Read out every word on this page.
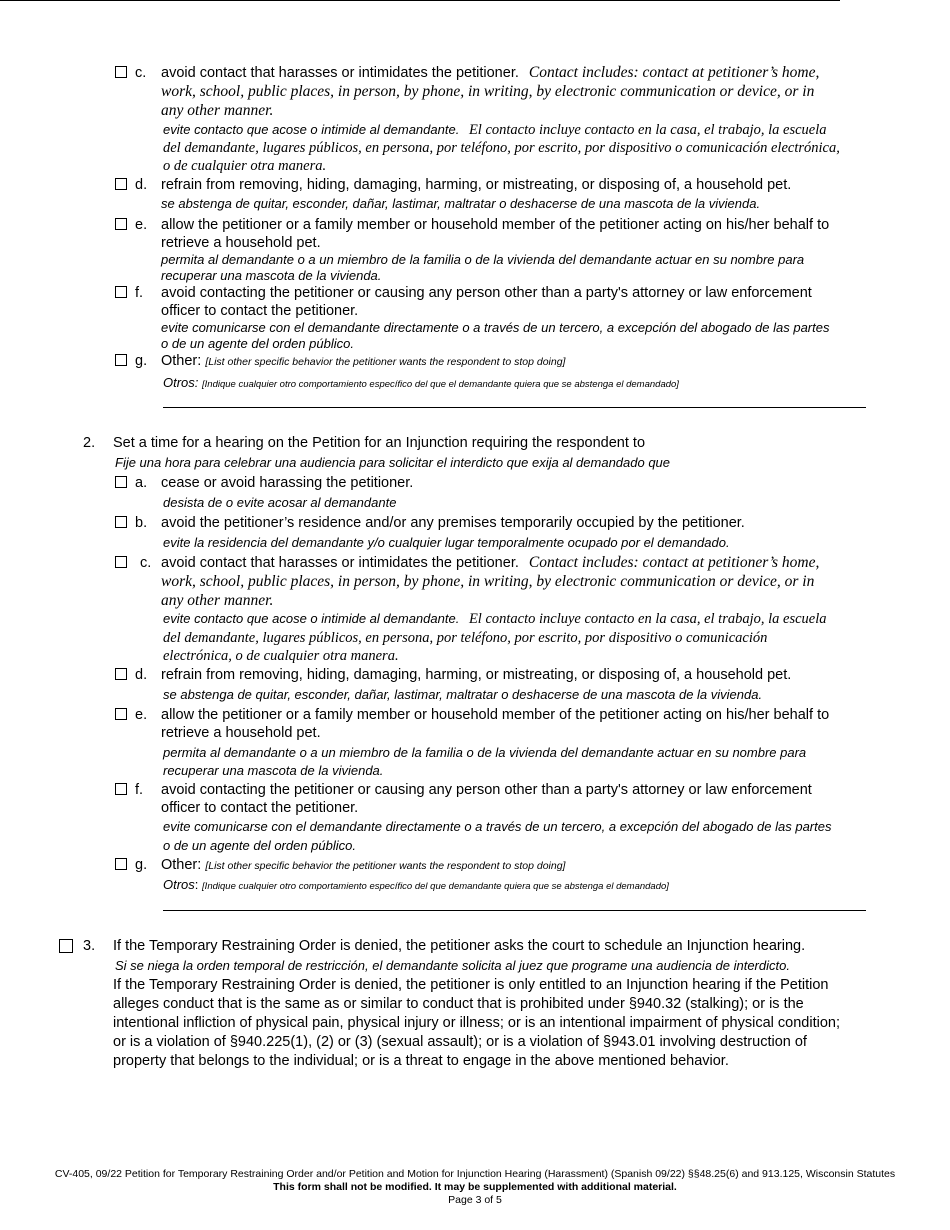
c. avoid contact that harasses or intimidates the petitioner. Contact includes: contact at petitioner’s home,
work, school, public places, in person, by phone, in writing, by electronic communication or device, or in
any other manner.
evite contacto que acose o intimide al demandante. El contacto incluye contacto en la casa, el trabajo, la escuela
del demandante, lugares públicos, en persona, por teléfono, por escrito, por dispositivo o comunicación electrónica,
o de cualquier otra manera.
d. refrain from removing, hiding, damaging, harming, or mistreating, or disposing of, a household pet.
se abstenga de quitar, esconder, dañar, lastimar, maltratar o deshacerse de una mascota de la vivienda.
e. allow the petitioner or a family member or household member of the petitioner acting on his/her behalf to
retrieve a household pet.
permita al demandante o a un miembro de la familia o de la vivienda del demandante actuar en su nombre para
recuperar una mascota de la vivienda.
f. avoid contacting the petitioner or causing any person other than a party's attorney or law enforcement
officer to contact the petitioner.
evite comunicarse con el demandante directamente o a través de un tercero, a excepción del abogado de las partes
o de un agente del orden público.
g. Other: [List other specific behavior the petitioner wants the respondent to stop doing]
Otros: [Indique cualquier otro comportamiento específico del que el demandante quiera que se abstenga el demandado]
2. Set a time for a hearing on the Petition for an Injunction requiring the respondent to
Fije una hora para celebrar una audiencia para solicitar el interdicto que exija al demandado que
a. cease or avoid harassing the petitioner.
desista de o evite acosar al demandante
b. avoid the petitioner’s residence and/or any premises temporarily occupied by the petitioner.
evite la residencia del demandante y/o cualquier lugar temporalmente ocupado por el demandado.
c. avoid contact that harasses or intimidates the petitioner. Contact includes: contact at petitioner’s home,
work, school, public places, in person, by phone, in writing, by electronic communication or device, or in
any other manner.
evite contacto que acose o intimide al demandante. El contacto incluye contacto en la casa, el trabajo, la escuela
del demandante, lugares públicos, en persona, por teléfono, por escrito, por dispositivo o comunicación
electrónica, o de cualquier otra manera.
d. refrain from removing, hiding, damaging, harming, or mistreating, or disposing of, a household pet.
se abstenga de quitar, esconder, dañar, lastimar, maltratar o deshacerse de una mascota de la vivienda.
e. allow the petitioner or a family member or household member of the petitioner acting on his/her behalf to
retrieve a household pet.
permita al demandante o a un miembro de la familia o de la vivienda del demandante actuar en su nombre para
recuperar una mascota de la vivienda.
f. avoid contacting the petitioner or causing any person other than a party's attorney or law enforcement
officer to contact the petitioner.
evite comunicarse con el demandante directamente o a través de un tercero, a excepción del abogado de las partes
o de un agente del orden público.
g. Other: [List other specific behavior the petitioner wants the respondent to stop doing]
Otros: [Indique cualquier otro comportamiento específico del que demandante quiera que se abstenga el demandado]
3. If the Temporary Restraining Order is denied, the petitioner asks the court to schedule an Injunction hearing.
Si se niega la orden temporal de restricción, el demandante solicita al juez que programe una audiencia de interdicto.
If the Temporary Restraining Order is denied, the petitioner is only entitled to an Injunction hearing if the Petition
alleges conduct that is the same as or similar to conduct that is prohibited under §940.32 (stalking); or is the
intentional infliction of physical pain, physical injury or illness; or is an intentional impairment of physical condition;
or is a violation of §940.225(1), (2) or (3) (sexual assault); or is a violation of §943.01 involving destruction of
property that belongs to the individual; or is a threat to engage in the above mentioned behavior.
CV-405, 09/22 Petition for Temporary Restraining Order and/or Petition and Motion for Injunction Hearing (Harassment) (Spanish 09/22) §§48.25(6) and 913.125, Wisconsin Statutes
This form shall not be modified. It may be supplemented with additional material.
Page 3 of 5
